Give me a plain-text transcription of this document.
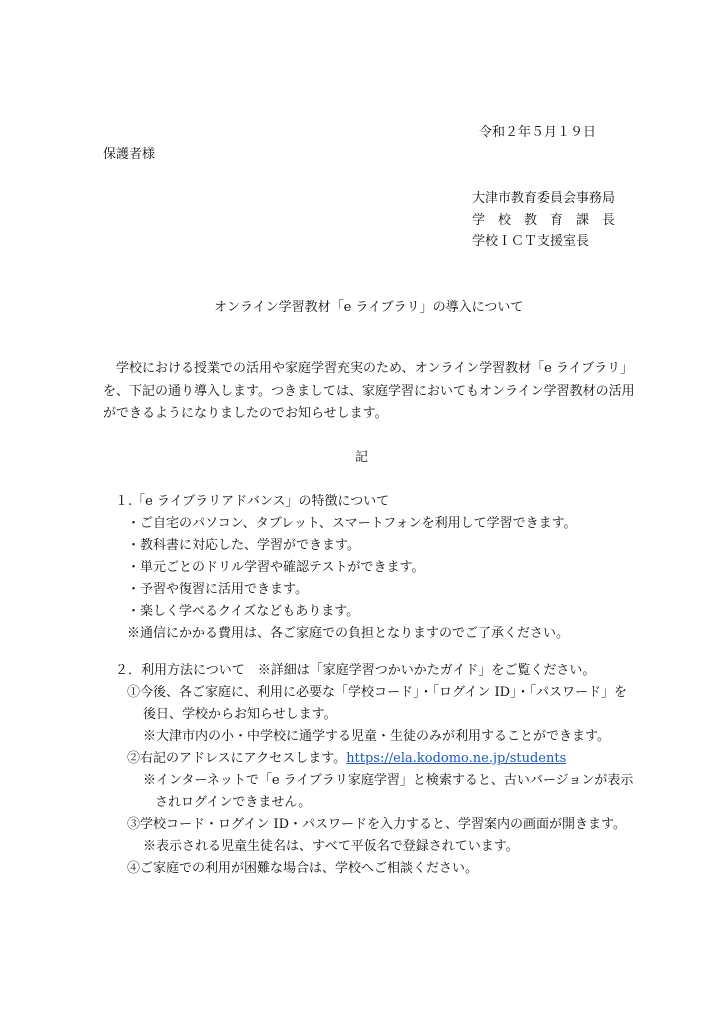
令和２年５月１９日
保護者様
大津市教育委員会事務局
学　校　教　育　課　長
学校ＩＣＴ支援室長
オンライン学習教材「e ライブラリ」の導入について
　学校における授業での活用や家庭学習充実のため、オンライン学習教材「e ライブラリ」
を、下記の通り導入します。つきましては、家庭学習においてもオンライン学習教材の活用
ができるようになりましたのでお知らせします。
記
１.「e ライブラリアドバンス」の特徴について
・ご自宅のパソコン、タブレット、スマートフォンを利用して学習できます。
・教科書に対応した、学習ができます。
・単元ごとのドリル学習や確認テストができます。
・予習や復習に活用できます。
・楽しく学べるクイズなどもあります。
※通信にかかる費用は、各ご家庭での負担となりますのでご了承ください。
２．利用方法について　※詳細は「家庭学習つかいかたガイド」をご覧ください。
①今後、各ご家庭に、利用に必要な「学校コード」・「ログイン ID」・「パスワード」を
後日、学校からお知らせします。
※大津市内の小・中学校に通学する児童・生徒のみが利用することができます。
②右記のアドレスにアクセスします。https://ela.kodomo.ne.jp/students
※インターネットで「e ライブラリ家庭学習」と検索すると、古いバージョンが表示
されログインできません。
③学校コード・ログイン ID・パスワードを入力すると、学習案内の画面が開きます。
※表示される児童生徒名は、すべて平仮名で登録されています。
④ご家庭での利用が困難な場合は、学校へご相談ください。
